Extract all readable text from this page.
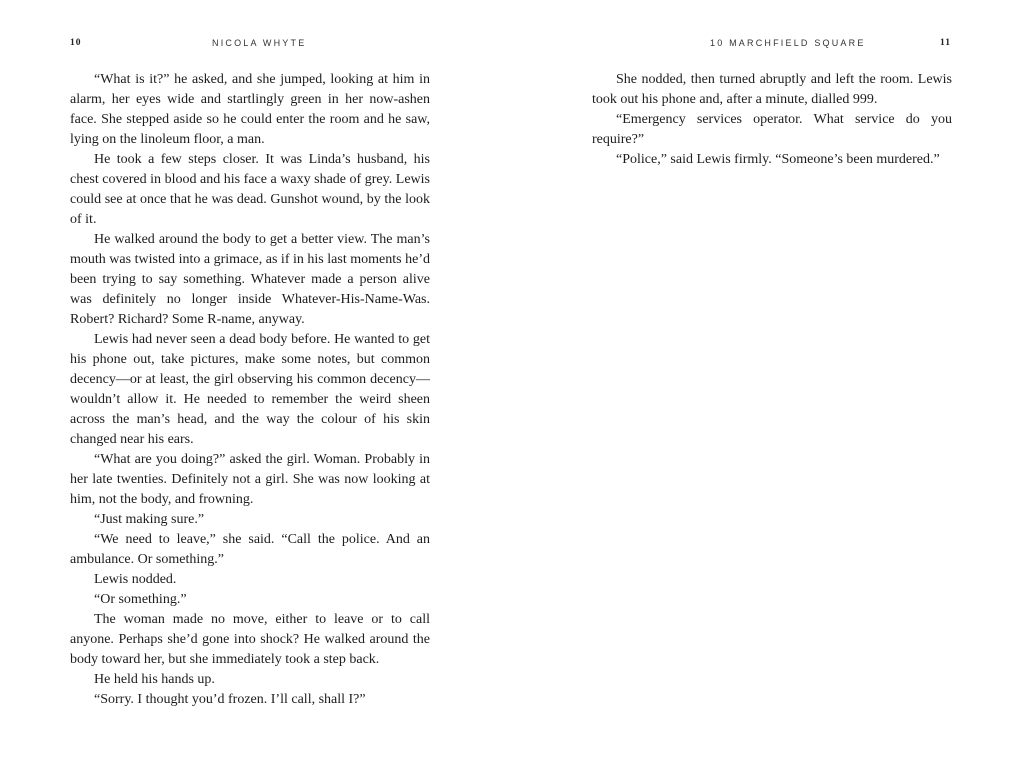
10	NICOLA WHYTE

“What is it?” he asked, and she jumped, looking at him in alarm, her eyes wide and startlingly green in her now-ashen face. She stepped aside so he could enter the room and he saw, lying on the linoleum floor, a man.

He took a few steps closer. It was Linda’s husband, his chest covered in blood and his face a waxy shade of grey. Lewis could see at once that he was dead. Gunshot wound, by the look of it.

He walked around the body to get a better view. The man’s mouth was twisted into a grimace, as if in his last moments he’d been trying to say something. Whatever made a person alive was definitely no longer inside Whatever-His-Name-Was. Robert? Richard? Some R-name, anyway.

Lewis had never seen a dead body before. He wanted to get his phone out, take pictures, make some notes, but common decency—or at least, the girl observing his common decency—wouldn’t allow it. He needed to remember the weird sheen across the man’s head, and the way the colour of his skin changed near his ears.

“What are you doing?” asked the girl. Woman. Probably in her late twenties. Definitely not a girl. She was now looking at him, not the body, and frowning.

“Just making sure.”

“We need to leave,” she said. “Call the police. And an ambulance. Or something.”

Lewis nodded.

“Or something.”

The woman made no move, either to leave or to call anyone. Perhaps she’d gone into shock? He walked around the body toward her, but she immediately took a step back.

He held his hands up.

“Sorry. I thought you’d frozen. I’ll call, shall I?”

10 MARCHFIELD SQUARE	11

She nodded, then turned abruptly and left the room. Lewis took out his phone and, after a minute, dialled 999.

“Emergency services operator. What service do you require?”

“Police,” said Lewis firmly. “Someone’s been murdered.”
